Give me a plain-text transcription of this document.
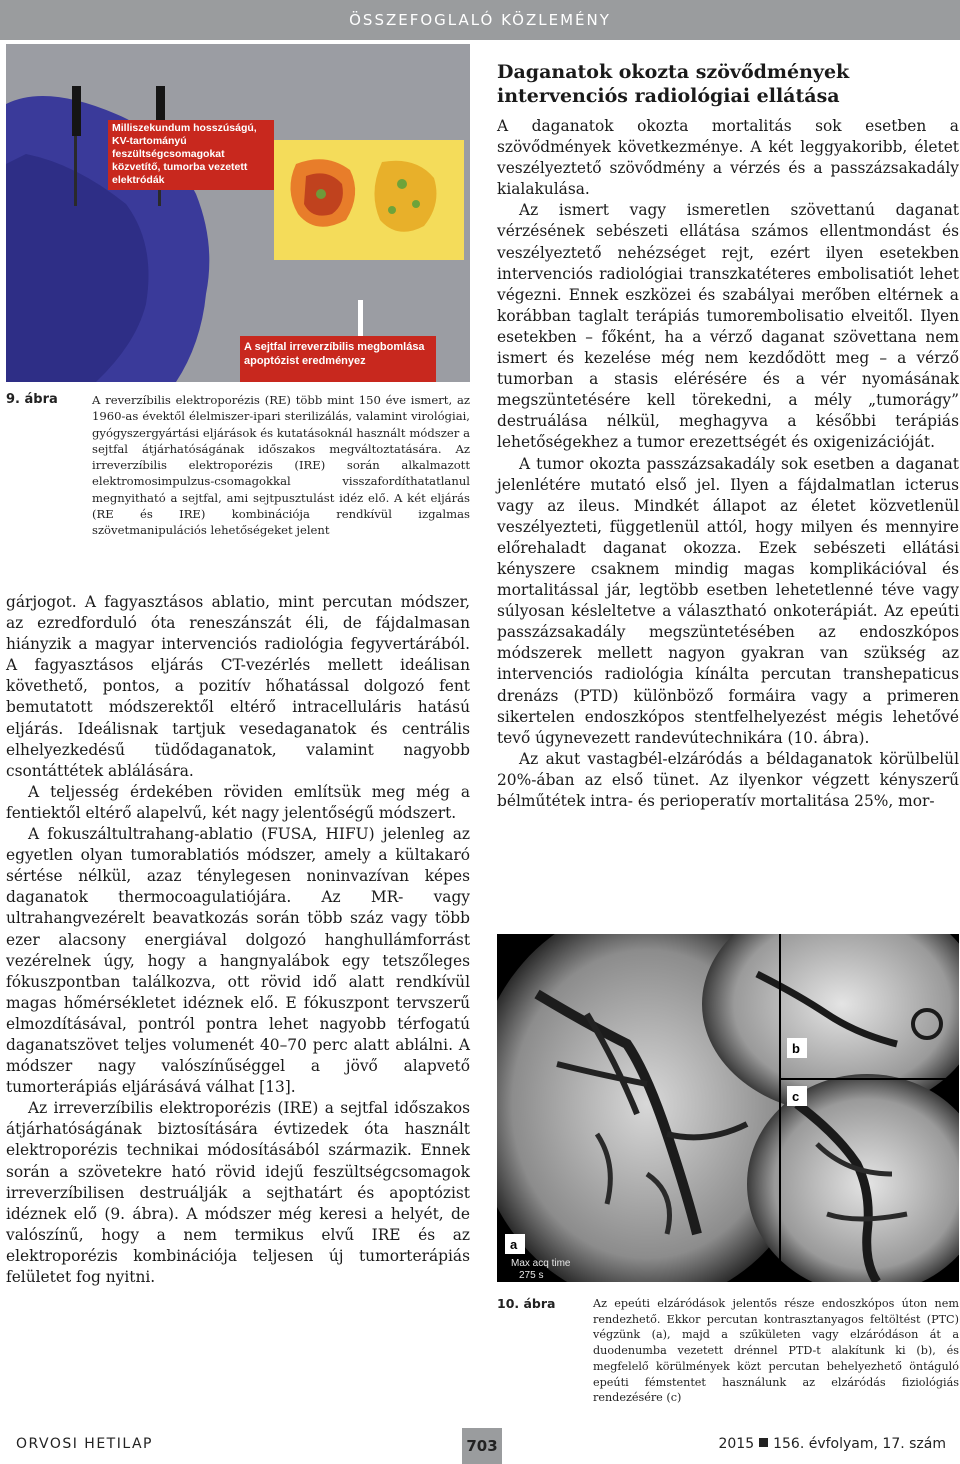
ÖSSZEFOGLALÓ KÖZLEMÉNY
Milliszekundum hosszúságú, KV-tartományú feszültségcsomagokat közvetítő, tumorba vezetett elektródák
A sejtfal irreverzíbilis megbomlása apoptózist eredményez
9. ábra	A reverzíbilis elektroporézis (RE) több mint 150 éve ismert, az 1960-as évektől élelmiszer-ipari sterilizálás, valamint virológiai, gyógyszergyártási eljárások és kutatásoknál használt módszer a sejtfal átjárhatóságának időszakos megváltoztatására. Az irreverzíbilis elektroporézis (IRE) során alkalmazott elektromosimpulzus-csomagokkal visszafordíthatatlanul megnyitható a sejtfal, ami sejtpusztulást idéz elő. A két eljárás (RE és IRE) kombinációja rendkívül izgalmas szövetmanipulációs lehetőségeket jelent

gárjogot. A fagyasztásos ablatio, mint percutan módszer, az ezredforduló óta reneszánszát éli, de fájdalmasan hiányzik a magyar intervenciós radiológia fegyvertárából. A fagyasztásos eljárás CT-vezérlés mellett ideálisan követhető, pontos, a pozitív hőhatással dolgozó fent bemutatott módszerektől eltérő intracelluláris hatású eljárás. Ideálisnak tartjuk vesedaganatok és centrális elhelyezkedésű tüdődaganatok, valamint nagyobb csontáttétek ablálására.

A teljesség érdekében röviden említsük meg még a fentiektől eltérő alapelvű, két nagy jelentőségű módszert.

A fokuszáltultrahang-ablatio (FUSA, HIFU) jelenleg az egyetlen olyan tumorablatiós módszer, amely a kültakaró sértése nélkül, azaz ténylegesen noninvazívan képes daganatok thermocoagulatiójára. Az MR- vagy ultrahangvezérelt beavatkozás során több száz vagy több ezer alacsony energiával dolgozó hanghullámforrást vezérelnek úgy, hogy a hangnyalábok egy tetszőleges fókuszpontban találkozva, ott rövid idő alatt rendkívül magas hőmérsékletet idéznek elő. E fókuszpont tervszerű elmozdításával, pontról pontra lehet nagyobb térfogatú daganatszövet teljes volumenét 40–70 perc alatt ablálni. A módszer nagy valószínűséggel a jövő alapvető tumorterápiás eljárásává válhat [13].

Az irreverzíbilis elektroporézis (IRE) a sejtfal időszakos átjárhatóságának biztosítására évtizedek óta használt elektroporézis technikai módosításából származik. Ennek során a szövetekre ható rövid idejű feszültségcsomagok irreverzíbilisen destruálják a sejthatárt és apoptózist idéznek elő (9. ábra). A módszer még keresi a helyét, de valószínű, hogy a nem termikus elvű IRE és az elektroporézis kombinációja teljesen új tumorterápiás felületet fog nyitni.

Daganatok okozta szövődmények intervenciós radiológiai ellátása

A daganatok okozta mortalitás sok esetben a szövődmények következménye. A két leggyakoribb, életet veszélyeztető szövődmény a vérzés és a passzázsakadály kialakulása.

Az ismert vagy ismeretlen szövettanú daganat vérzésének sebészeti ellátása számos ellentmondást és veszélyeztető nehézséget rejt, ezért ilyen esetekben intervenciós radiológiai transzkatéteres embolisatiót lehet végezni. Ennek eszközei és szabályai merőben eltérnek a korábban taglalt terápiás tumorembolisatio elveitől. Ilyen esetekben – főként, ha a vérző daganat szövettana nem ismert és kezelése még nem kezdődött meg – a vérző tumorban a stasis elérésére és a vér nyomásának megszüntetésére kell törekedni, a mély „tumorágy” destruálása nélkül, meghagyva a későbbi terápiás lehetőségekhez a tumor erezettségét és oxigenizációját.

A tumor okozta passzázsakadály sok esetben a daganat jelenlétére mutató első jel. Ilyen a fájdalmatlan icterus vagy az ileus. Mindkét állapot az életet közvetlenül veszélyezteti, függetlenül attól, hogy milyen és mennyire előrehaladt daganat okozza. Ezek sebészeti ellátási kényszere csaknem mindig magas komplikációval és mortalitással jár, legtöbb esetben lehetetlenné téve vagy súlyosan késleltetve a választható onkoterápiát. Az epeúti passzázsakadály megszüntetésében az endoszkópos módszerek mellett nagyon gyakran van szükség az intervenciós radiológia kínálta percutan transhepaticus drenázs (PTD) különböző formáira vagy a primeren sikertelen endoszkópos stentfelhelyezést mégis lehetővé tevő úgynevezett randevútechnikára (10. ábra).

Az akut vastagbél-elzáródás a béldaganatok körülbelül 20%-ában az első tünet. Az ilyenkor végzett kényszerű bélműtétek intra- és perioperatív mortalitása 25%, mor-

a
b
c
Max acq time
275 s
10. ábra	Az epeúti elzáródások jelentős része endoszkópos úton nem rendezhető. Ekkor percutan kontrasztanyagos feltöltést (PTC) végzünk (a), majd a szűkületen vagy elzáródáson át a duodenumba vezetett drénnel PTD-t alakítunk ki (b), és megfelelő körülmények közt percutan behelyezhető öntáguló epeúti fémstentet használunk az elzáródás fiziológiás rendezésére (c)
ORVOSI HETILAP	703	2015 156. évfolyam, 17. szám
